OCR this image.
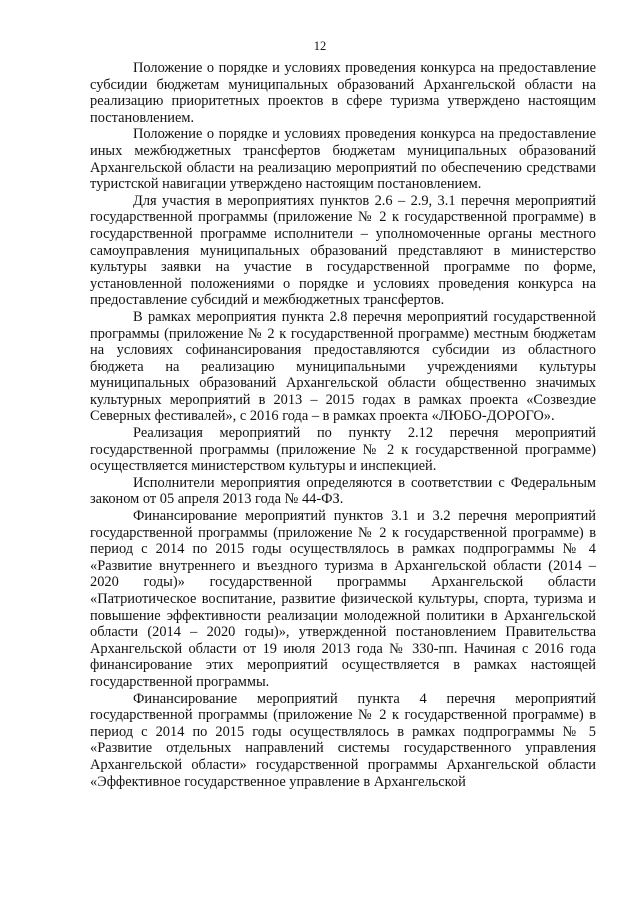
12

Положение о порядке и условиях проведения конкурса на предоставление субсидии бюджетам муниципальных образований Архангельской области на реализацию приоритетных проектов в сфере туризма утверждено настоящим постановлением.

Положение о порядке и условиях проведения конкурса на предоставление иных межбюджетных трансфертов бюджетам муниципальных образований Архангельской области на реализацию мероприятий по обеспечению средствами туристской навигации утверждено настоящим постановлением.

Для участия в мероприятиях пунктов 2.6 – 2.9, 3.1 перечня мероприятий государственной программы (приложение № 2 к государственной программе) в государственной программе исполнители – уполномоченные органы местного самоуправления муниципальных образований представляют в министерство культуры заявки на участие в государственной программе по форме, установленной положениями о порядке и условиях проведения конкурса на предоставление субсидий и межбюджетных трансфертов.

В рамках мероприятия пункта 2.8 перечня мероприятий государственной программы (приложение № 2 к государственной программе) местным бюджетам на условиях софинансирования предоставляются субсидии из областного бюджета на реализацию муниципальными учреждениями культуры муниципальных образований Архангельской области общественно значимых культурных мероприятий в 2013 – 2015 годах в рамках проекта «Созвездие Северных фестивалей», с 2016 года – в рамках проекта «ЛЮБО-ДОРОГО».

Реализация мероприятий по пункту 2.12 перечня мероприятий государственной программы (приложение № 2 к государственной программе) осуществляется министерством культуры и инспекцией.

Исполнители мероприятия определяются в соответствии с Федеральным законом от 05 апреля 2013 года № 44-ФЗ.

Финансирование мероприятий пунктов 3.1 и 3.2 перечня мероприятий государственной программы (приложение № 2 к государственной программе) в период с 2014 по 2015 годы осуществлялось в рамках подпрограммы № 4 «Развитие внутреннего и въездного туризма в Архангельской области (2014 – 2020 годы)» государственной программы Архангельской области «Патриотическое воспитание, развитие физической культуры, спорта, туризма и повышение эффективности реализации молодежной политики в Архангельской области (2014 – 2020 годы)», утвержденной постановлением Правительства Архангельской области от 19 июля 2013 года № 330-пп. Начиная с 2016 года финансирование этих мероприятий осуществляется в рамках настоящей государственной программы.

Финансирование мероприятий пункта 4 перечня мероприятий государственной программы (приложение № 2 к государственной программе) в период с 2014 по 2015 годы осуществлялось в рамках подпрограммы № 5 «Развитие отдельных направлений системы государственного управления Архангельской области» государственной программы Архангельской области «Эффективное государственное управление в Архангельской
